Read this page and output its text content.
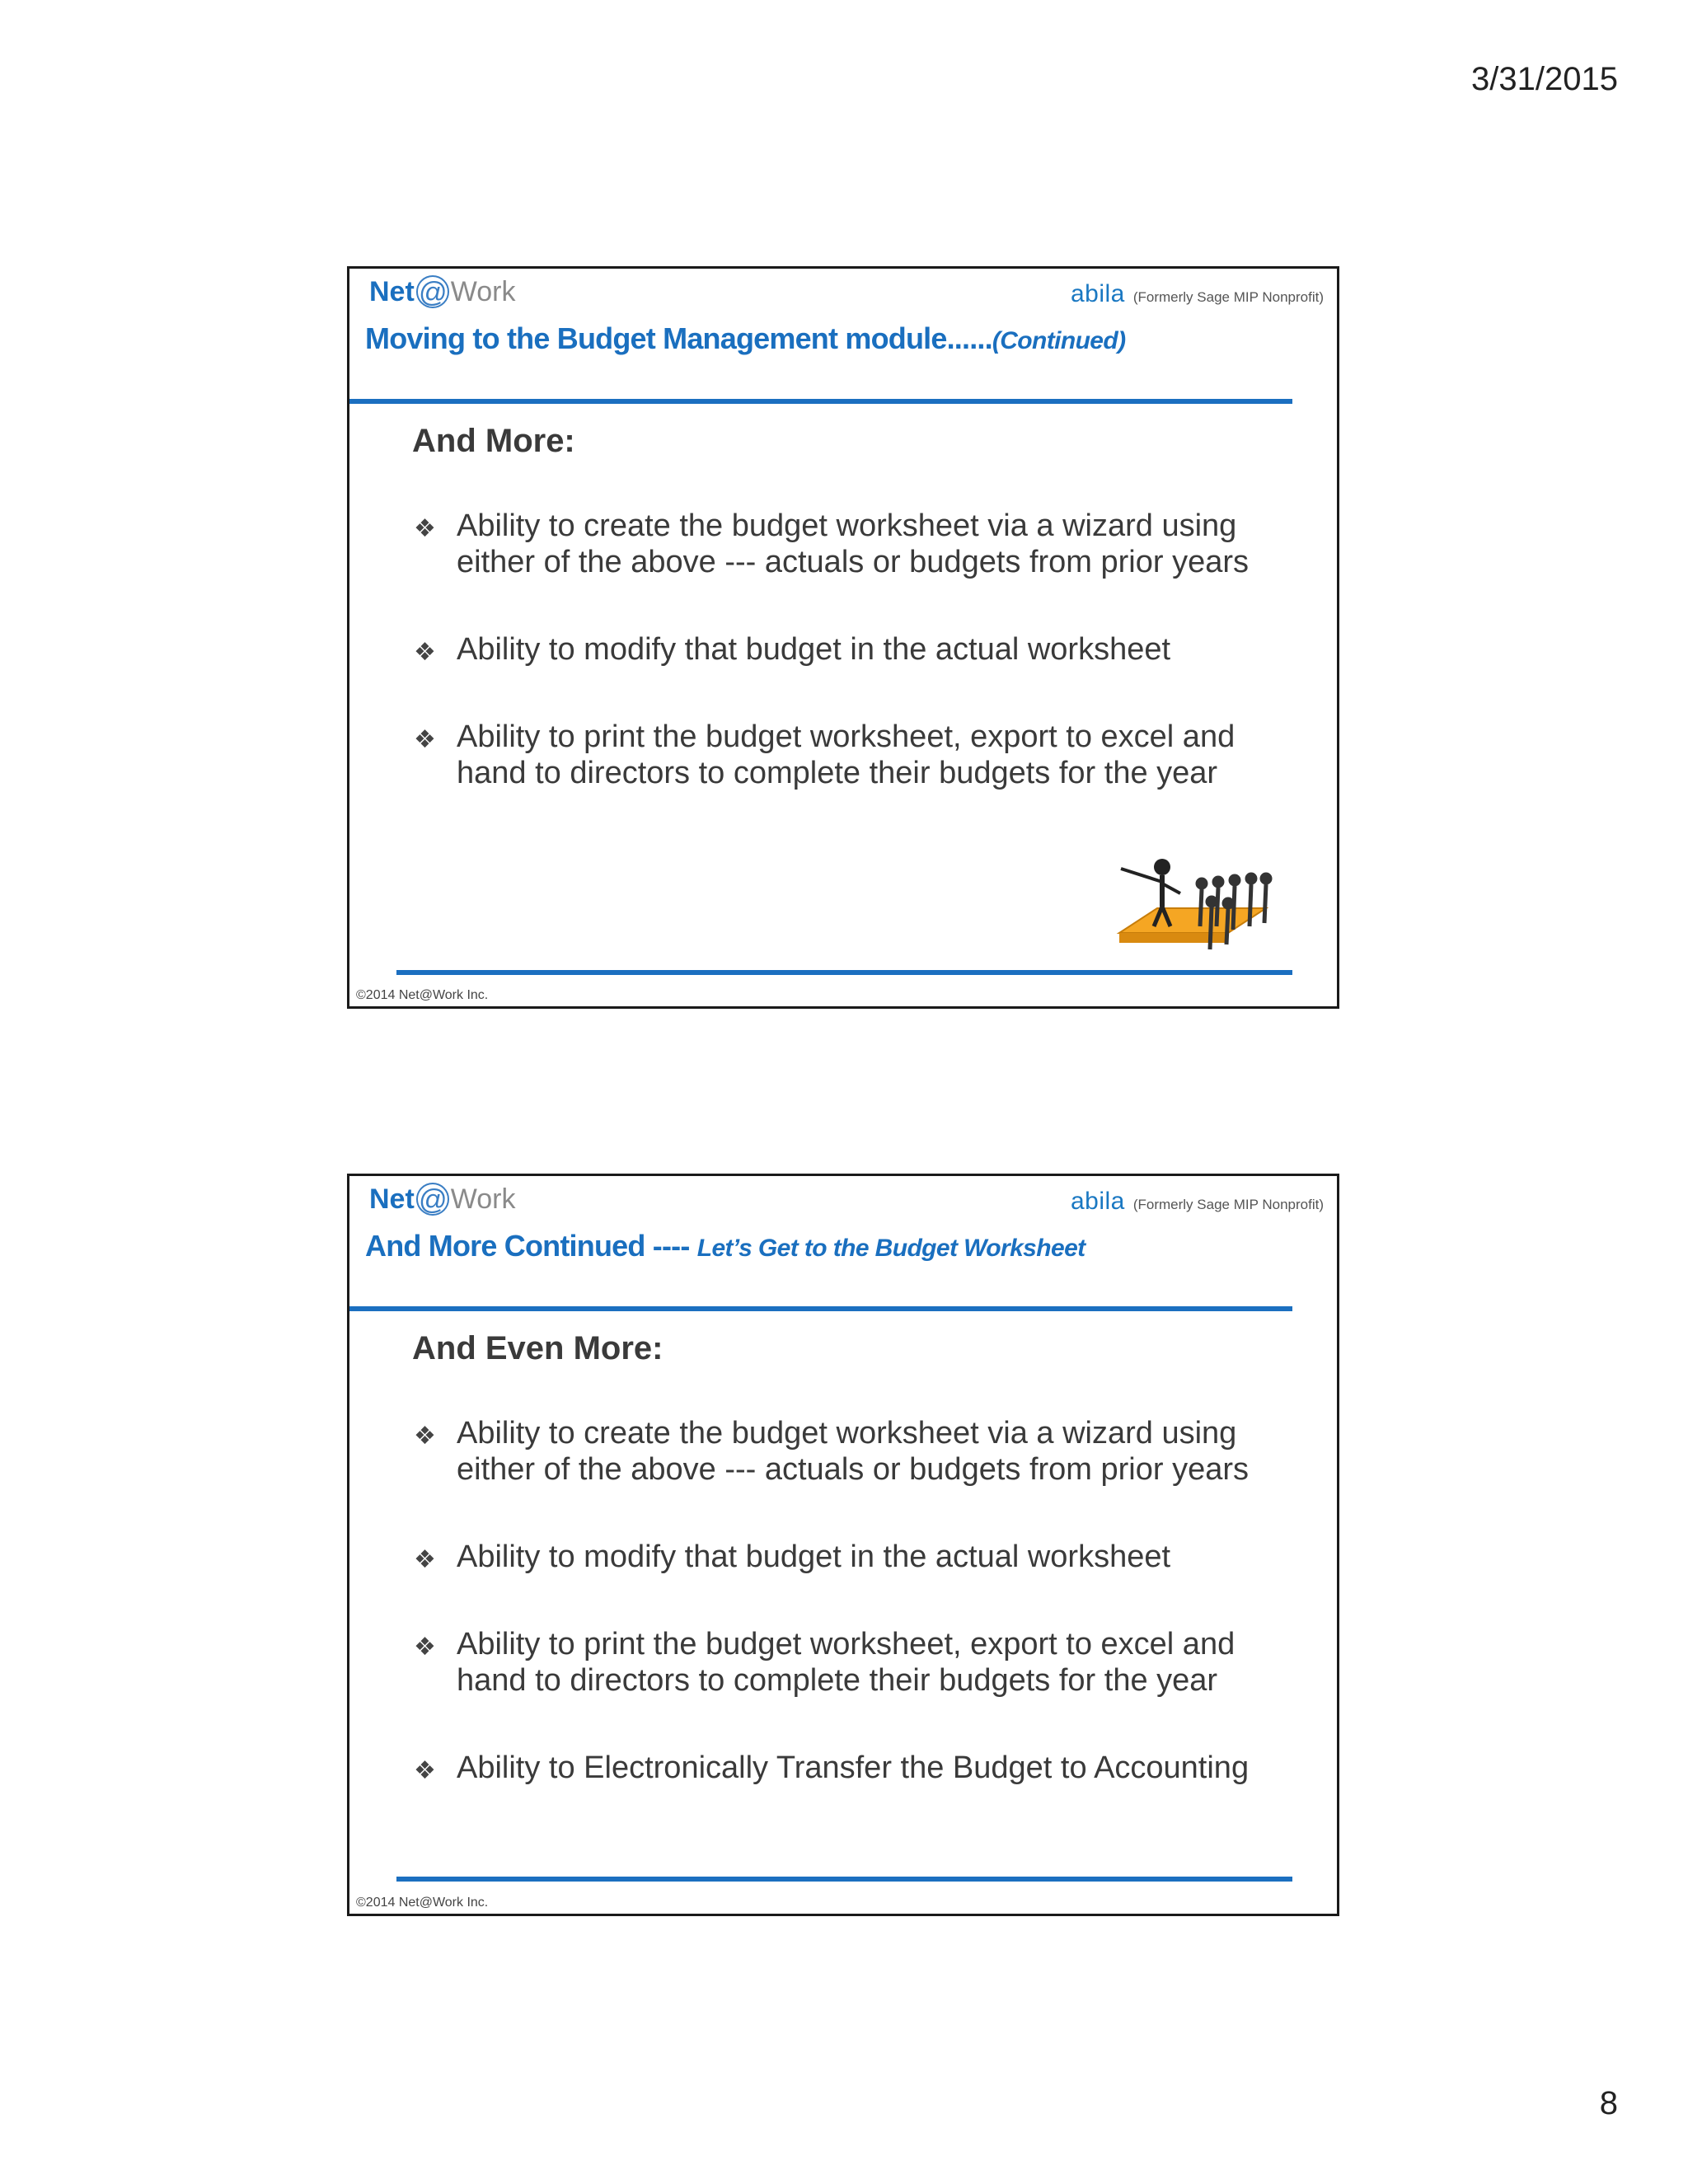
3/31/2015
Net @ Work	abila (Formerly Sage MIP Nonprofit)
Moving to the Budget Management module......(Continued)
And More:
❖ Ability to create the budget worksheet via a wizard using either of the above --- actuals or budgets from prior years
❖ Ability to modify that budget in the actual worksheet
❖ Ability to print the budget worksheet, export to excel and hand to directors to complete their budgets for the year
©2014 Net@Work Inc.
Net @ Work	abila (Formerly Sage MIP Nonprofit)
And More Continued ---- Let’s Get to the Budget Worksheet
And Even More:
❖ Ability to create the budget worksheet via a wizard using either of the above --- actuals or budgets from prior years
❖ Ability to modify that budget in the actual worksheet
❖ Ability to print the budget worksheet, export to excel and hand to directors to complete their budgets for the year
❖ Ability to Electronically Transfer the Budget to Accounting
©2014 Net@Work Inc.
8
